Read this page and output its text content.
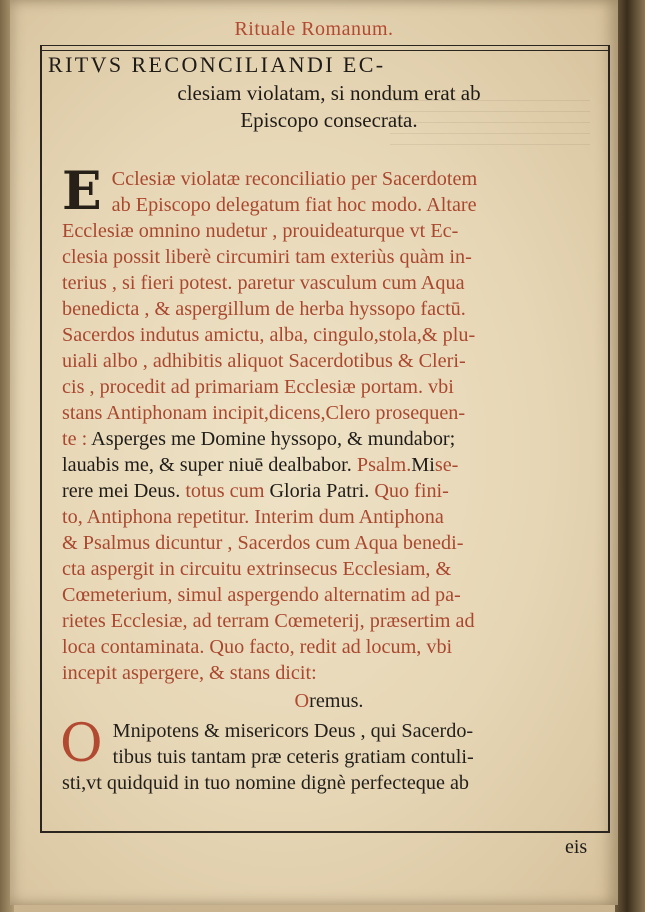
Rituale Romanum.
RITVS RECONCILIANDI EC-
clesiam violatam, si nondum erat ab
Episcopo consecrata.
E Cclesiæ violatæ reconciliatio per Sacerdotem
ab Episcopo delegatum fiat hoc modo. Altare
Ecclesiæ omnino nudetur , prouideaturque vt Ec-
clesia possit liberè circumiri tam exteriùs quàm in-
terius , si fieri potest. paretur vasculum cum Aqua
benedicta , & aspergillum de herba hyssopo factū.
Sacerdos indutus amictu, alba, cingulo,stola,& plu-
uiali albo , adhibitis aliquot Sacerdotibus & Cleri-
cis , procedit ad primariam Ecclesiæ portam. vbi
stans Antiphonam incipit,dicens,Clero prosequen-
te : Asperges me Domine hyssopo, & mundabor;
lauabis me, & super niuē dealbabor. Psalm.Mise-
rere mei Deus. totus cum Gloria Patri. Quo fini-
to, Antiphona repetitur. Interim dum Antiphona
& Psalmus dicuntur , Sacerdos cum Aqua benedi-
cta aspergit in circuitu extrinsecus Ecclesiam, &
Cœmeterium, simul aspergendo alternatim ad pa-
rietes Ecclesiæ, ad terram Cœmeterij, præsertim ad
loca contaminata. Quo facto, redit ad locum, vbi
incepit aspergere, & stans dicit:
Oremus.
O Mnipotens & misericors Deus , qui Sacerdo-
tibus tuis tantam præ ceteris gratiam contuli-
sti,vt quidquid in tuo nomine dignè perfecteque ab
eis
